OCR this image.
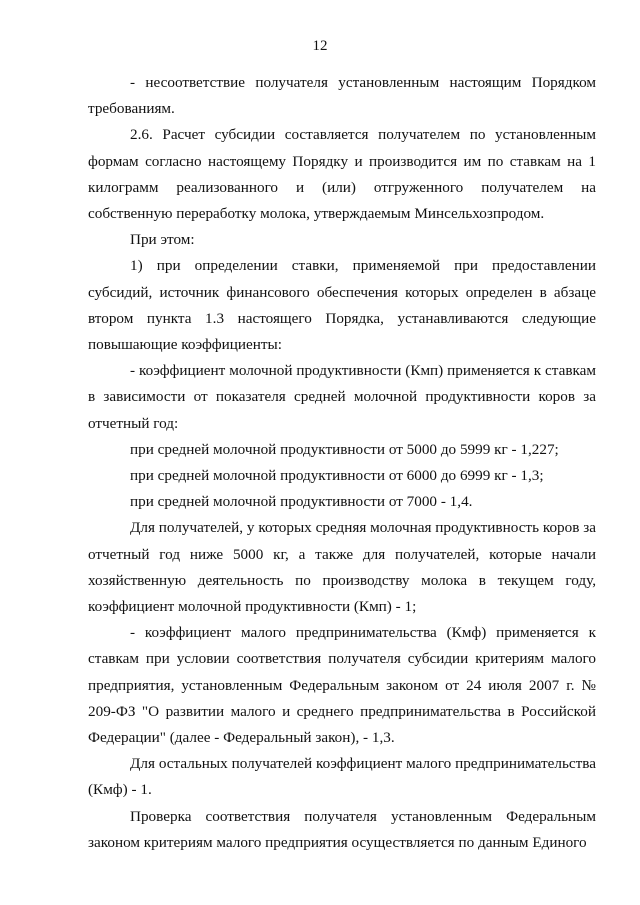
12

- несоответствие получателя установленным настоящим Порядком требованиям.

2.6. Расчет субсидии составляется получателем по установленным формам согласно настоящему Порядку и производится им по ставкам на 1 килограмм реализованного и (или) отгруженного получателем на собственную переработку молока, утверждаемым Минсельхозпродом.

При этом:

1) при определении ставки, применяемой при предоставлении субсидий, источник финансового обеспечения которых определен в абзаце втором пункта 1.3 настоящего Порядка, устанавливаются следующие повышающие коэффициенты:

- коэффициент молочной продуктивности (Кмп) применяется к ставкам в зависимости от показателя средней молочной продуктивности коров за отчетный год:

при средней молочной продуктивности от 5000 до 5999 кг - 1,227;

при средней молочной продуктивности от 6000 до 6999 кг - 1,3;

при средней молочной продуктивности от 7000 - 1,4.

Для получателей, у которых средняя молочная продуктивность коров за отчетный год ниже 5000 кг, а также для получателей, которые начали хозяйственную деятельность по производству молока в текущем году, коэффициент молочной продуктивности (Кмп) - 1;

- коэффициент малого предпринимательства (Кмф) применяется к ставкам при условии соответствия получателя субсидии критериям малого предприятия, установленным Федеральным законом от 24 июля 2007 г. № 209-ФЗ "О развитии малого и среднего предпринимательства в Российской Федерации" (далее - Федеральный закон), - 1,3.

Для остальных получателей коэффициент малого предпринимательства (Кмф) - 1.

Проверка соответствия получателя установленным Федеральным законом критериям малого предприятия осуществляется по данным Единого
